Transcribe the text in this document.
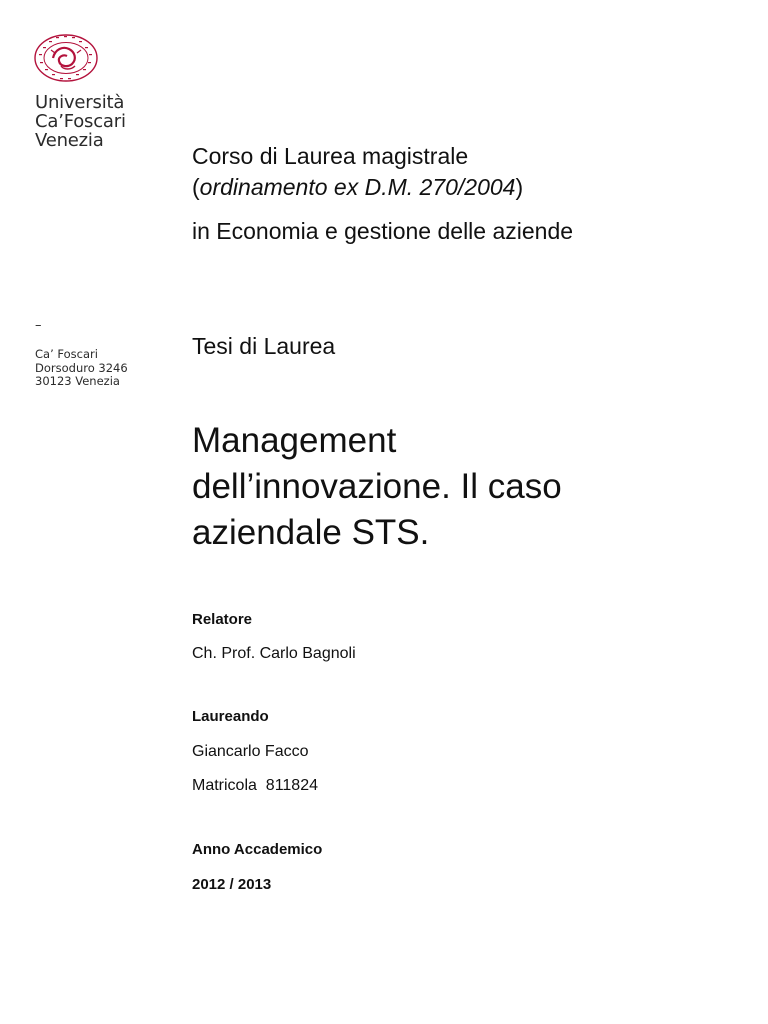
Università
Ca’Foscari
Venezia
–
Ca’ Foscari
Dorsoduro 3246
30123 Venezia
Corso di Laurea magistrale
(ordinamento ex D.M. 270/2004)
in Economia e gestione delle aziende
Tesi di Laurea
Management dell’innovazione. Il caso aziendale STS.
Relatore
Ch. Prof. Carlo Bagnoli
Laureando
Giancarlo Facco
Matricola  811824
Anno Accademico
2012 / 2013
